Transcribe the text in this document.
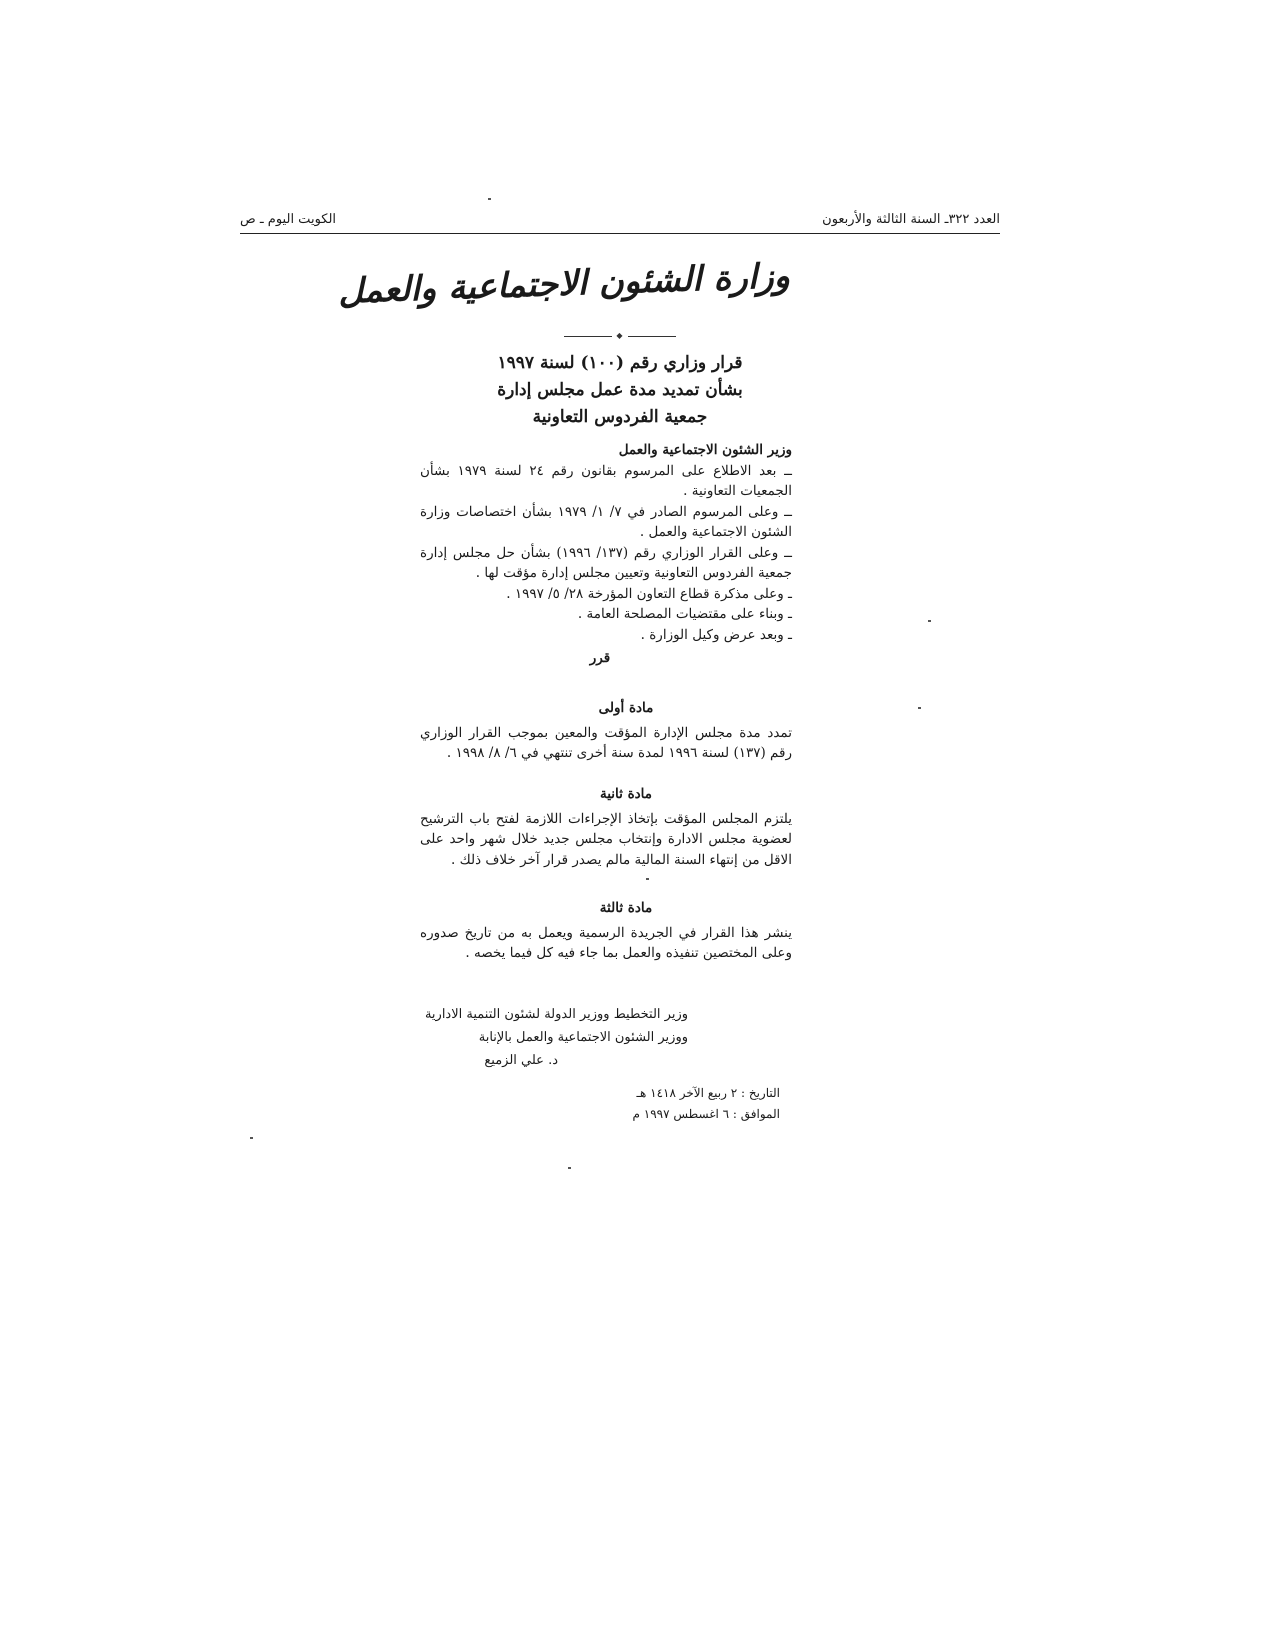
العدد ٣٢٢ـ السنة الثالثة والأربعون
الكويت اليوم ـ ص
وزارة الشئون الاجتماعية والعمل
◆
قرار وزاري رقم (١٠٠) لسنة ١٩٩٧
بشأن تمديد مدة عمل مجلس إدارة
جمعية الفردوس التعاونية

وزير الشئون الاجتماعية والعمل

ــ بعد الاطلاع على المرسوم بقانون رقم ٢٤ لسنة ١٩٧٩ بشأن الجمعيات التعاونية .

ــ وعلى المرسوم الصادر في ٧/ ١/ ١٩٧٩ بشأن اختصاصات وزارة الشئون الاجتماعية والعمل .

ــ وعلى القرار الوزاري رقم (١٣٧/ ١٩٩٦) بشأن حل مجلس إدارة جمعية الفردوس التعاونية وتعيين مجلس إدارة مؤقت لها .

ـ وعلى مذكرة قطاع التعاون المؤرخة ٢٨/ ٥/ ١٩٩٧ .

ـ وبناء على مقتضيات المصلحة العامة .

ـ وبعد عرض وكيل الوزارة .

قرر
مادة أولى

تمدد مدة مجلس الإدارة المؤقت والمعين بموجب القرار الوزاري رقم (١٣٧) لسنة ١٩٩٦ لمدة سنة أخرى تنتهي في ٦/ ٨/ ١٩٩٨ .

مادة ثانية

يلتزم المجلس المؤقت بإتخاذ الإجراءات اللازمة لفتح باب الترشيح لعضوية مجلس الادارة وإنتخاب مجلس جديد خلال شهر واحد على الاقل من إنتهاء السنة المالية مالم يصدر قرار آخر خلاف ذلك .

مادة ثالثة

ينشر هذا القرار في الجريدة الرسمية ويعمل به من تاريخ صدوره وعلى المختصين تنفيذه والعمل بما جاء فيه كل فيما يخصه .

وزير التخطيط ووزير الدولة لشئون التنمية الادارية
ووزير الشئون الاجتماعية والعمل بالإنابة
د. علي الزميع
التاريخ : ٢ ربيع الآخر ١٤١٨ هـ
الموافق : ٦ اغسطس ١٩٩٧ م
